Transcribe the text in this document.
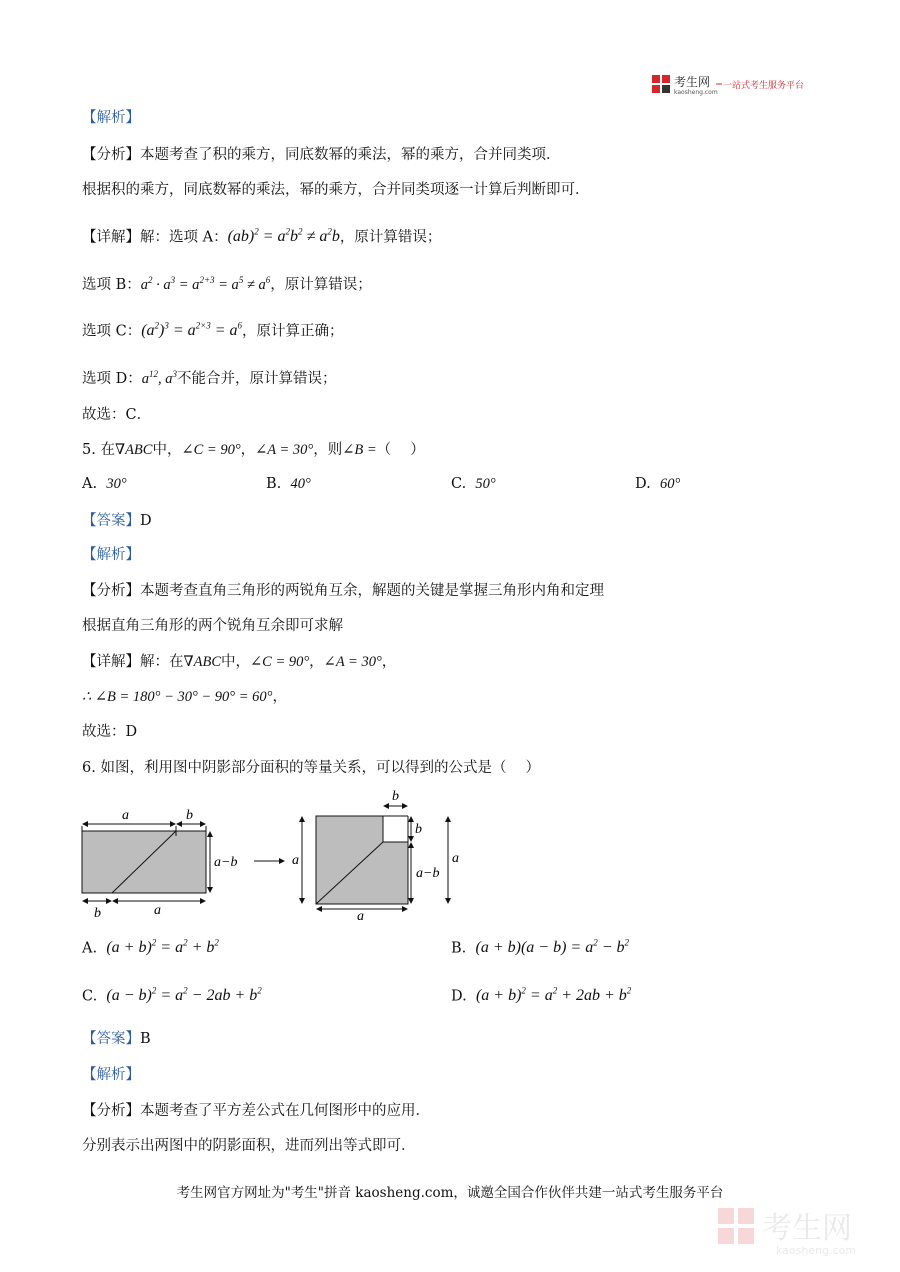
考生网
kaosheng.com
一站式考生服务平台
【解析】
【分析】本题考查了积的乘方，同底数幂的乘法，幂的乘方，合并同类项．
根据积的乘方，同底数幂的乘法，幂的乘方，合并同类项逐一计算后判断即可．
【详解】解：选项 A：$(ab)^2 = a^2b^2 \ne a^2b$，原计算错误；
选项 B：$a^2 \cdot a^3 = a^{2+3} = a^5 \ne a^6$，原计算错误；
选项 C：$(a^2)^3 = a^{2\times 3} = a^6$，原计算正确；
选项 D：$a^{12}$, $a^3$不能合并，原计算错误；
故选：C．
5. 在∇ABC中，∠C = 90°，∠A = 30°，则∠B =（　 ）
A. 30°	B. 40°	C. 50°	D. 60°
【答案】D
【解析】
【分析】本题考查直角三角形的两锐角互余，解题的关键是掌握三角形内角和定理
根据直角三角形的两个锐角互余即可求解
【详解】解：在∇ABC中，∠C = 90°，∠A = 30°，
∴ ∠B = 180° − 30° − 90° = 60°，
故选：D
6. 如图，利用图中阴影部分面积的等量关系，可以得到的公式是（　 ）
a	b
a−b
b	a
b
b
a−b
a
a
a
A. $(a + b)^2 = a^2 + b^2$	B. $(a + b)(a - b) = a^2 - b^2$
C. $(a - b)^2 = a^2 - 2ab + b^2$	D. $(a + b)^2 = a^2 + 2ab + b^2$
【答案】B
【解析】
【分析】本题考查了平方差公式在几何图形中的应用．
分别表示出两图中的阴影面积，进而列出等式即可．
考生网官方网址为"考生"拼音 kaosheng.com，诚邀全国合作伙伴共建一站式考生服务平台
考生网
kaosheng.com
